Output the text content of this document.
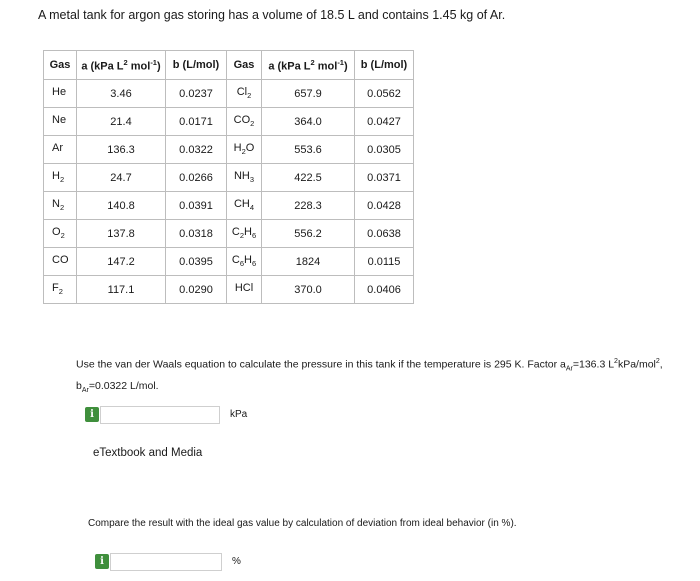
A metal tank for argon gas storing has a volume of 18.5 L and contains 1.45 kg of Ar.
Gas	a (kPa $L^2$ mol$^{-1}$)	b (L/mol)	Gas	a (kPa $L^2$ mol$^{-1}$)	b (L/mol)
He	3.46	0.0237	$Cl_2$	657.9	0.0562
Ne	21.4	0.0171	$CO_2$	364.0	0.0427
Ar	136.3	0.0322	$H_2O$	553.6	0.0305
$H_2$	24.7	0.0266	$NH_3$	422.5	0.0371
$N_2$	140.8	0.0391	$CH_4$	228.3	0.0428
$O_2$	137.8	0.0318	$C_2H_6$	556.2	0.0638
CO	147.2	0.0395	$C_6H_6$	1824	0.0115
$F_2$	117.1	0.0290	HCl	370.0	0.0406
Use the van der Waals equation to calculate the pressure in this tank if the temperature is 295 K. Factor $a_{Ar}=136.3$ $L^2kPa/mol^2$,
$b_{Ar}=0.0322$ L/mol.
i	kPa
eTextbook and Media
Compare the result with the ideal gas value by calculation of deviation from ideal behavior (in %).
i	%
